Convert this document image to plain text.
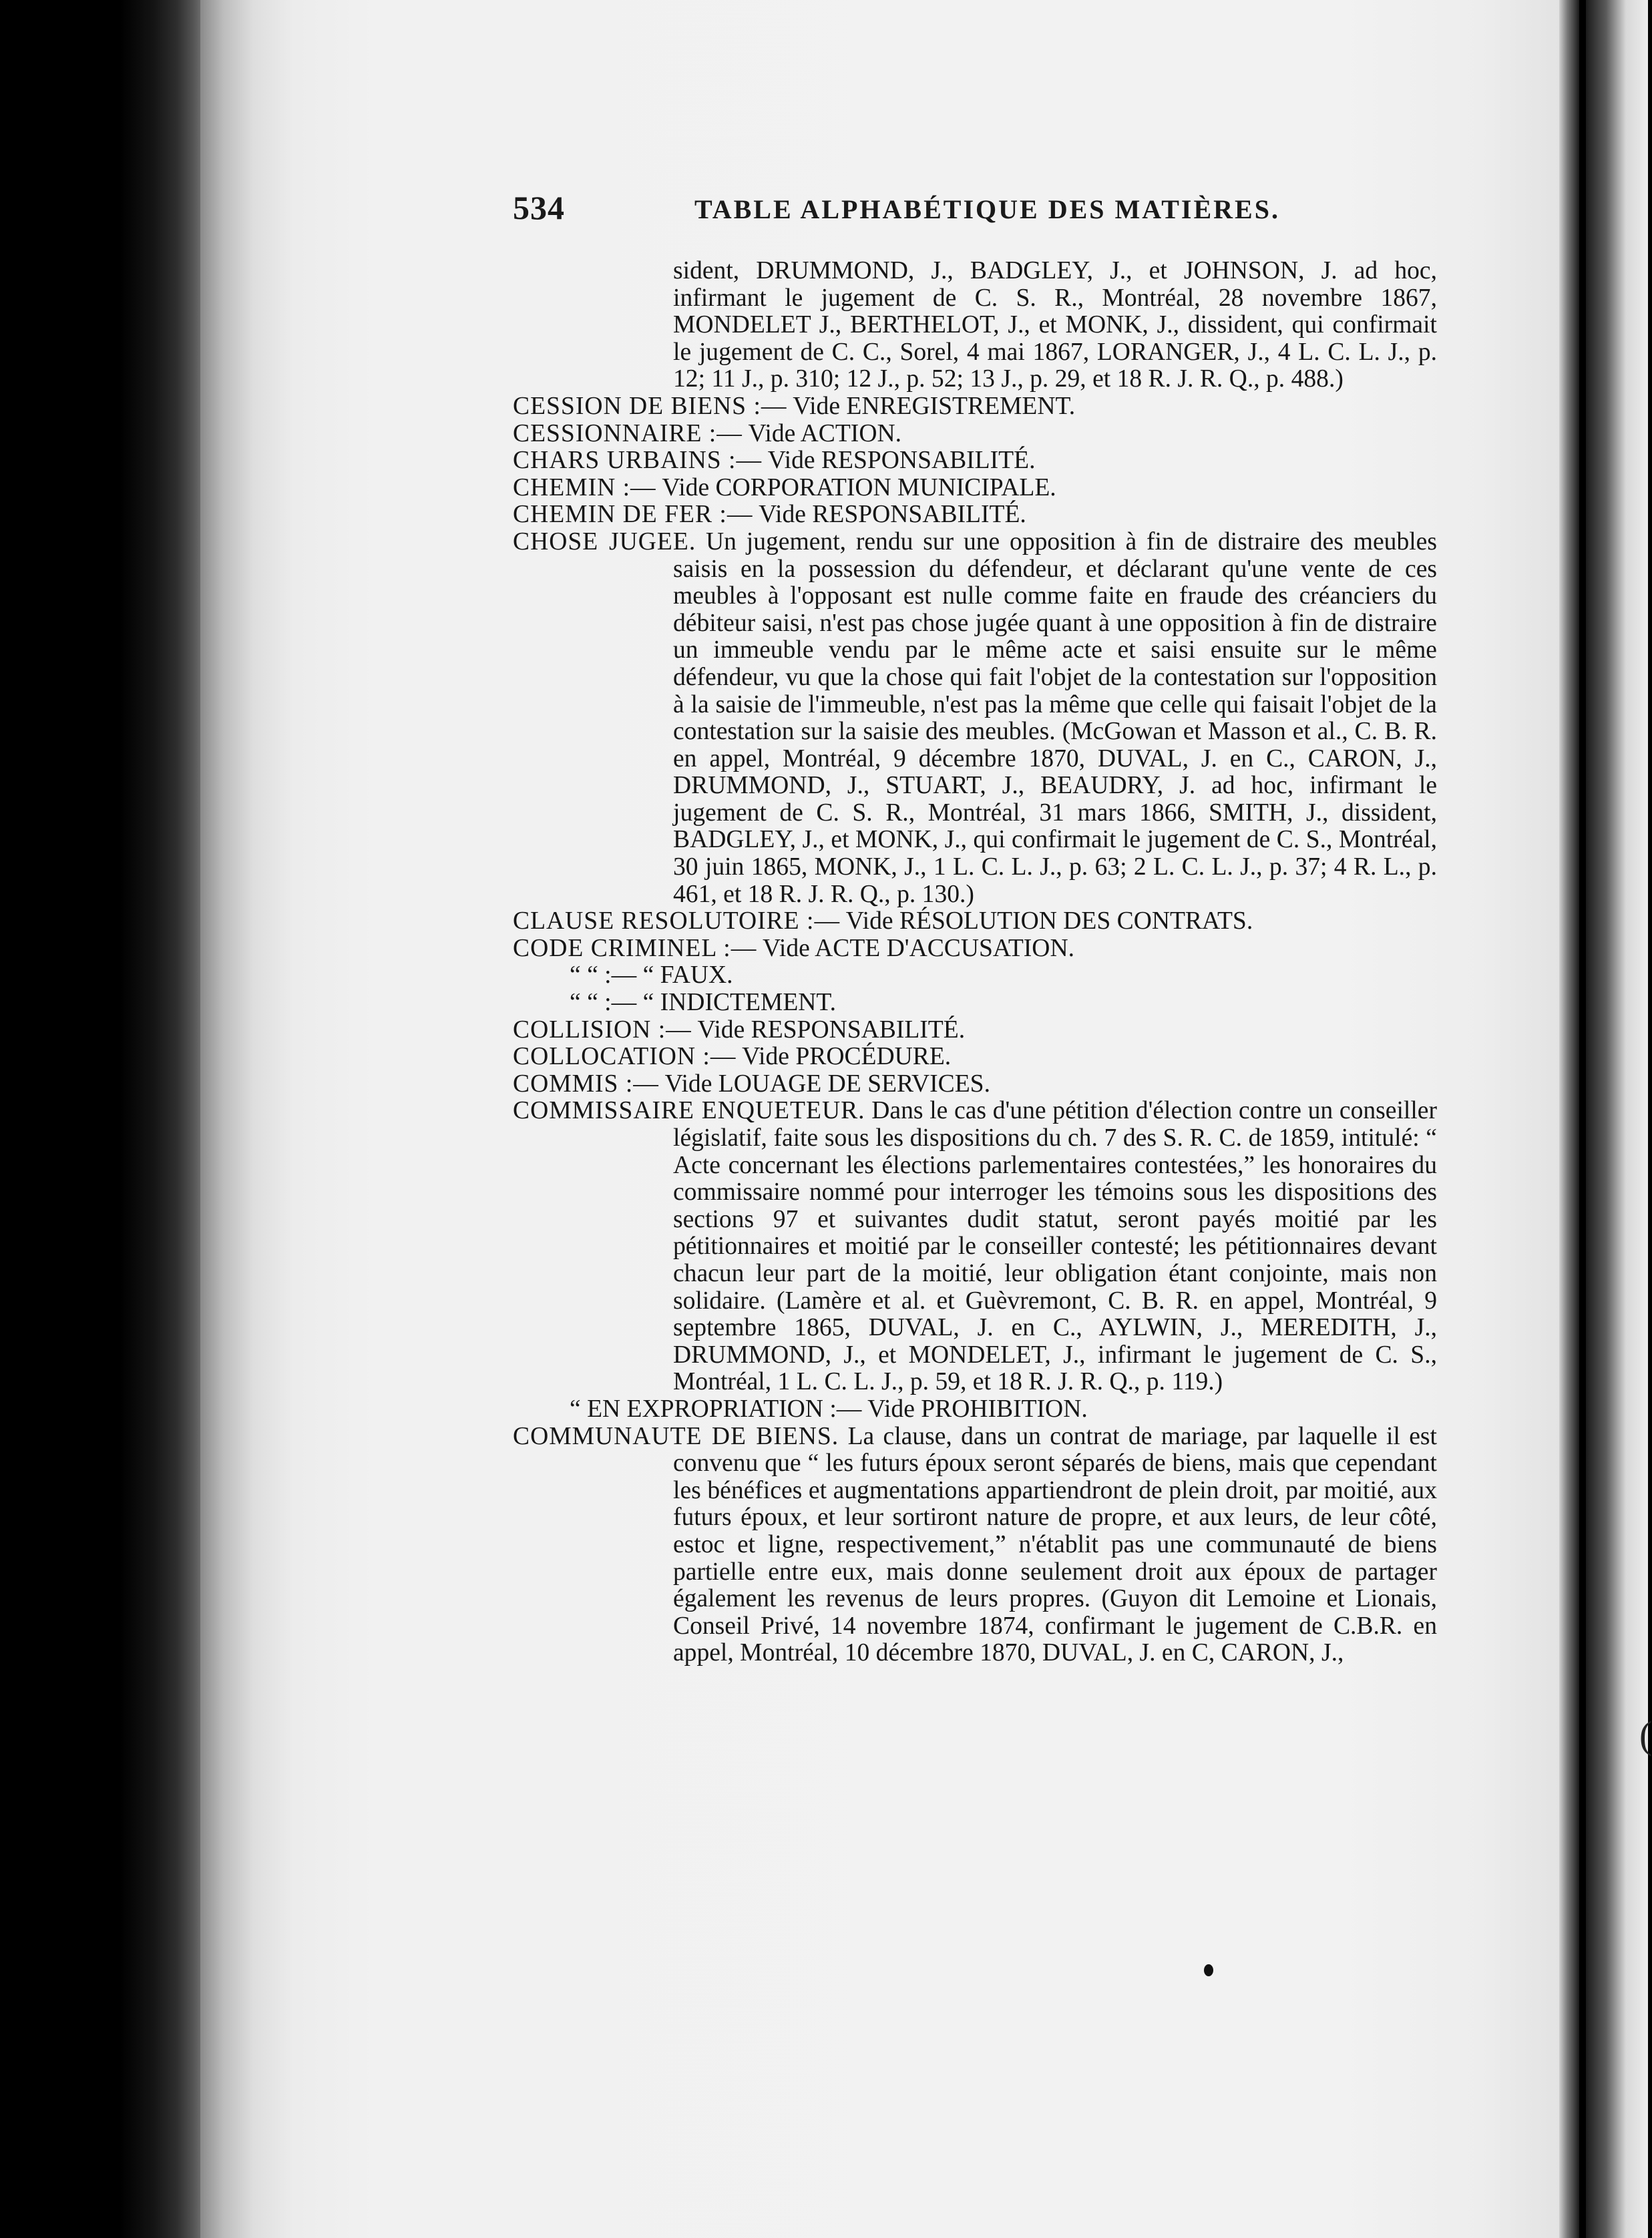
(
534	TABLE ALPHABÉTIQUE DES MATIÈRES.

sident, DRUMMOND, J., BADGLEY, J., et JOHNSON, J. ad hoc, infirmant le jugement de C. S. R., Montréal, 28 novembre 1867, MONDELET J., BERTHELOT, J., et MONK, J., dissident, qui confirmait le jugement de C. C., Sorel, 4 mai 1867, LORANGER, J., 4 L. C. L. J., p. 12; 11 J., p. 310; 12 J., p. 52; 13 J., p. 29, et 18 R. J. R. Q., p. 488.)

CESSION DE BIENS :— Vide ENREGISTREMENT.

CESSIONNAIRE :— Vide ACTION.

CHARS URBAINS :— Vide RESPONSABILITÉ.

CHEMIN :— Vide CORPORATION MUNICIPALE.

CHEMIN DE FER :— Vide RESPONSABILITÉ.

CHOSE JUGEE. Un jugement, rendu sur une opposition à fin de distraire des meubles saisis en la possession du défendeur, et déclarant qu'une vente de ces meubles à l'opposant est nulle comme faite en fraude des créanciers du débiteur saisi, n'est pas chose jugée quant à une opposition à fin de distraire un immeuble vendu par le même acte et saisi ensuite sur le même défendeur, vu que la chose qui fait l'objet de la contestation sur l'opposition à la saisie de l'immeuble, n'est pas la même que celle qui faisait l'objet de la contestation sur la saisie des meubles. (McGowan et Masson et al., C. B. R. en appel, Montréal, 9 décembre 1870, DUVAL, J. en C., CARON, J., DRUMMOND, J., STUART, J., BEAUDRY, J. ad hoc, infirmant le jugement de C. S. R., Montréal, 31 mars 1866, SMITH, J., dissident, BADGLEY, J., et MONK, J., qui confirmait le jugement de C. S., Montréal, 30 juin 1865, MONK, J., 1 L. C. L. J., p. 63; 2 L. C. L. J., p. 37; 4 R. L., p. 461, et 18 R. J. R. Q., p. 130.)

CLAUSE RESOLUTOIRE :— Vide RÉSOLUTION DES CONTRATS.

CODE CRIMINEL :— Vide ACTE D'ACCUSATION.

“ “ :— “ FAUX.

“ “ :— “ INDICTEMENT.

COLLISION :— Vide RESPONSABILITÉ.

COLLOCATION :— Vide PROCÉDURE.

COMMIS :— Vide LOUAGE DE SERVICES.

COMMISSAIRE ENQUETEUR. Dans le cas d'une pétition d'élection contre un conseiller législatif, faite sous les dispositions du ch. 7 des S. R. C. de 1859, intitulé: “ Acte concernant les élections parlementaires contestées,” les honoraires du commissaire nommé pour interroger les témoins sous les dispositions des sections 97 et suivantes dudit statut, seront payés moitié par les pétitionnaires et moitié par le conseiller contesté; les pétitionnaires devant chacun leur part de la moitié, leur obligation étant conjointe, mais non solidaire. (Lamère et al. et Guèvremont, C. B. R. en appel, Montréal, 9 septembre 1865, DUVAL, J. en C., AYLWIN, J., MEREDITH, J., DRUMMOND, J., et MONDELET, J., infirmant le jugement de C. S., Montréal, 1 L. C. L. J., p. 59, et 18 R. J. R. Q., p. 119.)

“ EN EXPROPRIATION :— Vide PROHIBITION.

COMMUNAUTE DE BIENS. La clause, dans un contrat de mariage, par laquelle il est convenu que “ les futurs époux seront séparés de biens, mais que cependant les bénéfices et augmentations appartiendront de plein droit, par moitié, aux futurs époux, et leur sortiront nature de propre, et aux leurs, de leur côté, estoc et ligne, respectivement,” n'établit pas une communauté de biens partielle entre eux, mais donne seulement droit aux époux de partager également les revenus de leurs propres. (Guyon dit Lemoine et Lionais, Conseil Privé, 14 novembre 1874, confirmant le jugement de C.B.R. en appel, Montréal, 10 décembre 1870, DUVAL, J. en C, CARON, J.,
